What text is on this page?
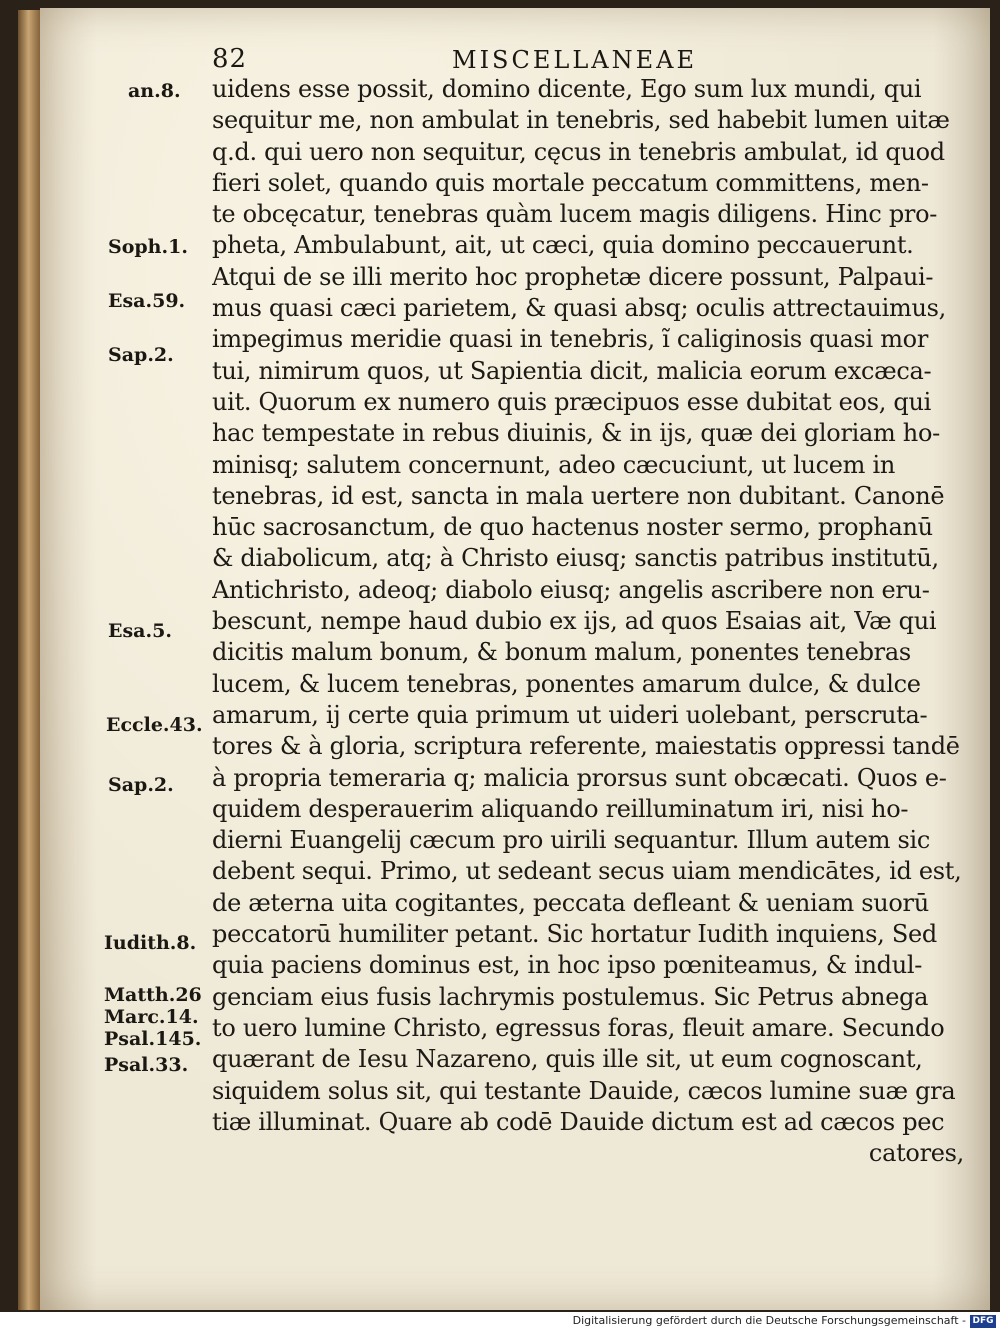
82	MISCELLANEAE
an.8.
Soph.1.
Esa.59.
Sap.2.
Esa.5.
Eccle.43.
Sap.2.
Iudith.8.
Matth.26
Marc.14.
Psal.145.
Psal.33.
uidens esse possit, domino dicente, Ego sum lux mundi, qui
sequitur me, non ambulat in tenebris, sed habebit lumen uitæ
q.d. qui uero non sequitur, cęcus in tenebris ambulat, id quod
fieri solet, quando quis mortale peccatum committens, men-
te obcęcatur, tenebras quàm lucem magis diligens. Hinc pro-
pheta, Ambulabunt, ait, ut cæci, quia domino peccauerunt.
Atqui de se illi merito hoc prophetæ dicere possunt, Palpaui-
mus quasi cæci parietem, & quasi absq; oculis attrectauimus,
impegimus meridie quasi in tenebris, ĩ caliginosis quasi mor
tui, nimirum quos, ut Sapientia dicit, malicia eorum excæca-
uit. Quorum ex numero quis præcipuos esse dubitat eos, qui
hac tempestate in rebus diuinis, & in ijs, quæ dei gloriam ho-
minisq; salutem concernunt, adeo cæcuciunt, ut lucem in
tenebras, id est, sancta in mala uertere non dubitant. Canonē
hūc sacrosanctum, de quo hactenus noster sermo, prophanū
& diabolicum, atq; à Christo eiusq; sanctis patribus institutū,
Antichristo, adeoq; diabolo eiusq; angelis ascribere non eru-
bescunt, nempe haud dubio ex ijs, ad quos Esaias ait, Væ qui
dicitis malum bonum, & bonum malum, ponentes tenebras
lucem, & lucem tenebras, ponentes amarum dulce, & dulce
amarum, ij certe quia primum ut uideri uolebant, perscruta-
tores & à gloria, scriptura referente, maiestatis oppressi tandē
à propria temeraria q; malicia prorsus sunt obcæcati. Quos e-
quidem desperauerim aliquando reilluminatum iri, nisi ho-
dierni Euangelij cæcum pro uirili sequantur. Illum autem sic
debent sequi. Primo, ut sedeant secus uiam mendicātes, id est,
de æterna uita cogitantes, peccata defleant & ueniam suorū
peccatorū humiliter petant. Sic hortatur Iudith inquiens, Sed
quia paciens dominus est, in hoc ipso pœniteamus, & indul-
genciam eius fusis lachrymis postulemus. Sic Petrus abnega
to uero lumine Christo, egressus foras, fleuit amare. Secundo
quærant de Iesu Nazareno, quis ille sit, ut eum cognoscant,
siquidem solus sit, qui testante Dauide, cæcos lumine suæ gra
tiæ illuminat. Quare ab codē Dauide dictum est ad cæcos pec
catores,
Digitalisierung gefördert durch die Deutsche Forschungsgemeinschaft - DFG
